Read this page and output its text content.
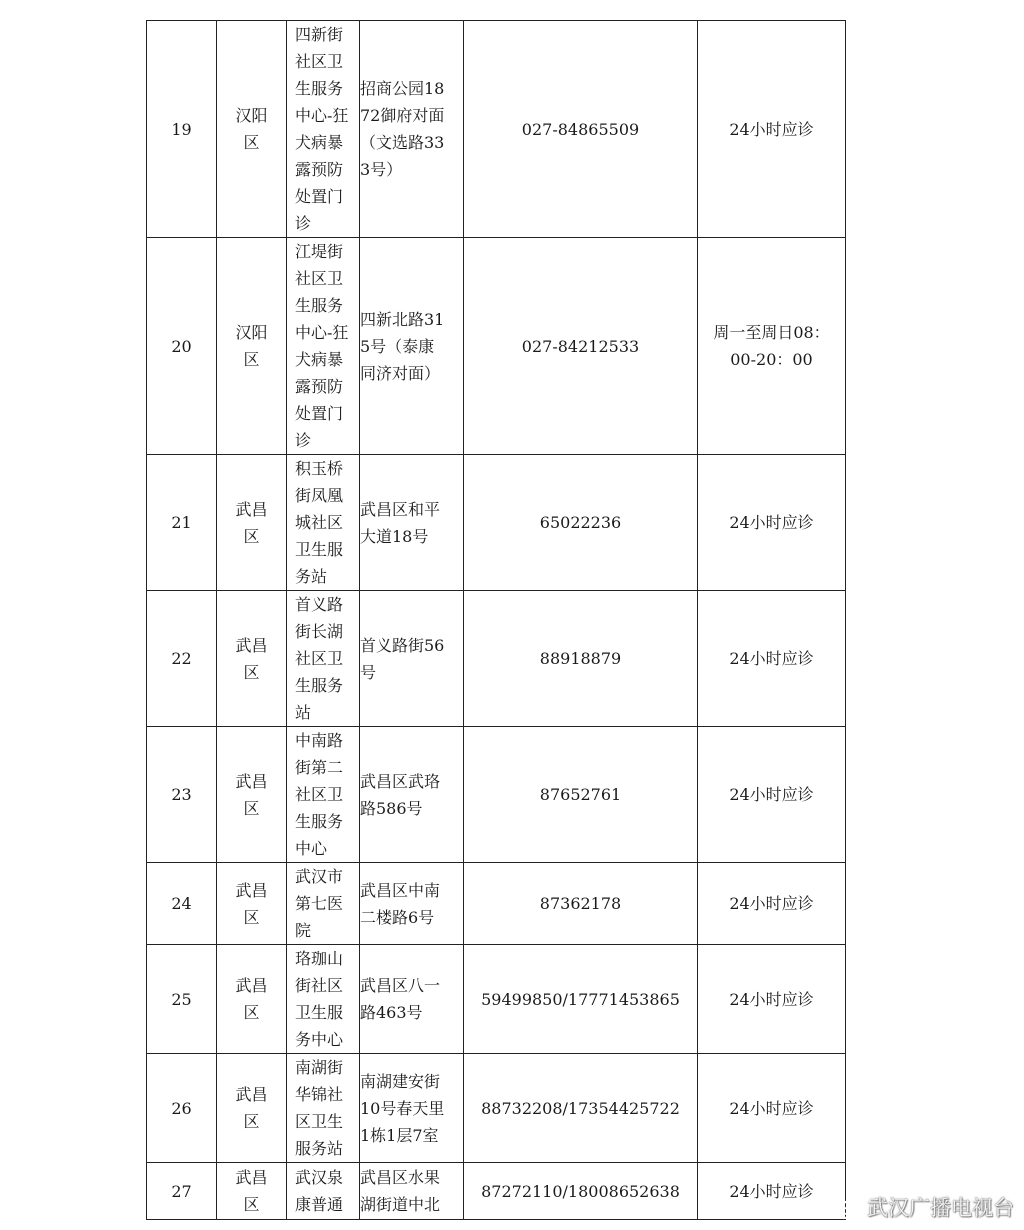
19	汉阳区	四新街社区卫生服务中心-狂犬病暴露预防处置门诊	招商公园1872御府对面（文选路333号）	027-84865509	24小时应诊
20	汉阳区	江堤街社区卫生服务中心-狂犬病暴露预防处置门诊	四新北路315号（泰康同济对面）	027-84212533	周一至周日08：00-20：00
21	武昌区	积玉桥街凤凰城社区卫生服务站	武昌区和平大道18号	65022236	24小时应诊
22	武昌区	首义路街长湖社区卫生服务站	首义路街56号	88918879	24小时应诊
23	武昌区	中南路街第二社区卫生服务中心	武昌区武珞路586号	87652761	24小时应诊
24	武昌区	武汉市第七医院	武昌区中南二楼路6号	87362178	24小时应诊
25	武昌区	珞珈山街社区卫生服务中心	武昌区八一路463号	59499850/17771453865	24小时应诊
26	武昌区	南湖街华锦社区卫生服务站	南湖建安街10号春天里1栋1层7室	88732208/17354425722	24小时应诊
27	武昌区	武汉泉康普通	武昌区水果湖街道中北	87272110/18008652638	24小时应诊
武汉广播电视台
